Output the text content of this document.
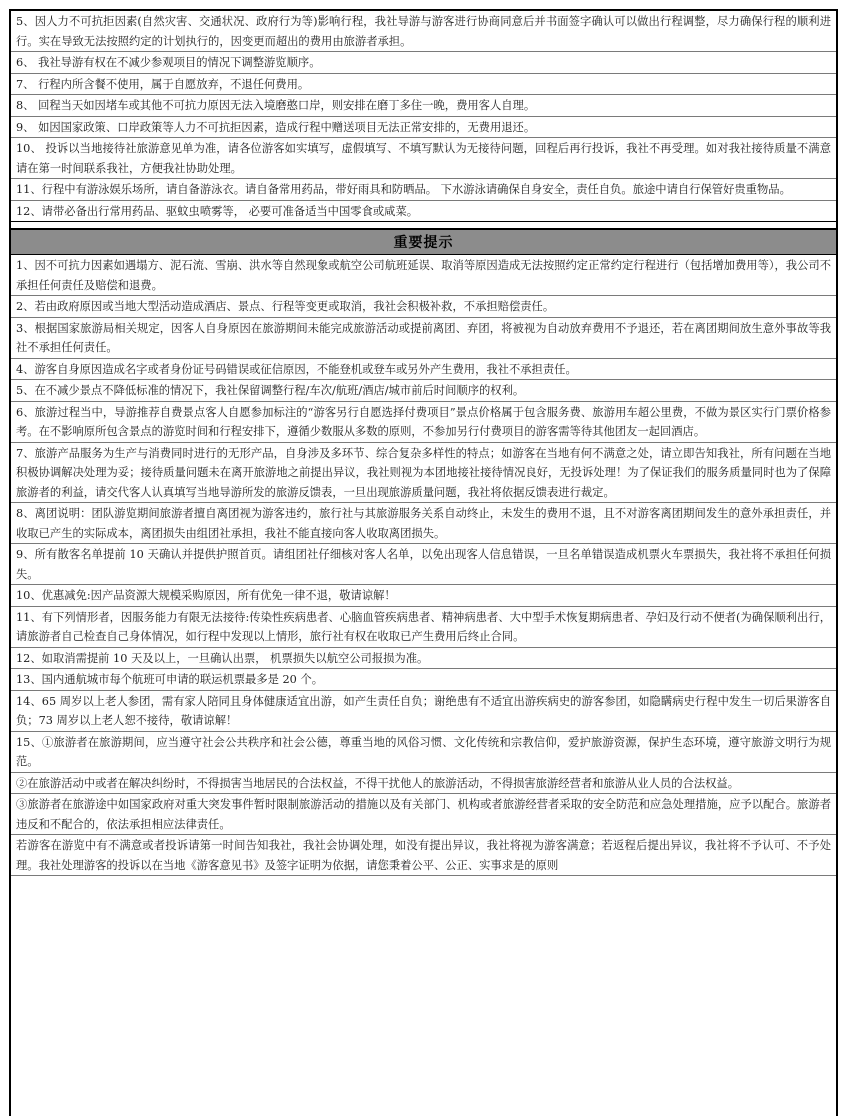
5、因人力不可抗拒因素(自然灾害、交通状况、政府行为等)影响行程，我社导游与游客进行协商同意后并书面签字确认可以做出行程调整，尽力确保行程的顺利进行。实在导致无法按照约定的计划执行的，因变更而超出的费用由旅游者承担。
6、 我社导游有权在不减少参观项目的情况下调整游览顺序。
7、 行程内所含餐不使用，属于自愿放弃，不退任何费用。
8、 回程当天如因堵车或其他不可抗力原因无法入境磨憨口岸，则安排在磨丁多住一晚，费用客人自理。
9、 如因国家政策、口岸政策等人力不可抗拒因素，造成行程中赠送项目无法正常安排的，无费用退还。
10、 投诉以当地接待社旅游意见单为准，请各位游客如实填写，虚假填写、不填写默认为无接待问题，回程后再行投诉，我社不再受理。如对我社接待质量不满意请在第一时间联系我社，方便我社协助处理。
11、行程中有游泳娱乐场所，请自备游泳衣。请自备常用药品，带好雨具和防晒品。 下水游泳请确保自身安全，责任自负。旅途中请自行保管好贵重物品。
12、请带必备出行常用药品、驱蚊虫喷雾等， 必要可准备适当中国零食或咸菜。
重要提示
1、因不可抗力因素如遇塌方、泥石流、雪崩、洪水等自然现象或航空公司航班延误、取消等原因造成无法按照约定正常约定行程进行（包括增加费用等），我公司不承担任何责任及赔偿和退费。
2、若由政府原因或当地大型活动造成酒店、景点、行程等变更或取消，我社会积极补救，不承担赔偿责任。
3、根据国家旅游局相关规定，因客人自身原因在旅游期间未能完成旅游活动或提前离团、弃团，将被视为自动放弃费用不予退还，若在离团期间放生意外事故等我社不承担任何责任。
4、游客自身原因造成名字或者身份证号码错误或征信原因，不能登机或登车或另外产生费用，我社不承担责任。
5、在不减少景点不降低标准的情况下，我社保留调整行程/车次/航班/酒店/城市前后时间顺序的权利。
6、旅游过程当中，导游推荐自费景点客人自愿参加标注的“游客另行自愿选择付费项目”景点价格属于包含服务费、旅游用车超公里费，不做为景区实行门票价格参考。在不影响原所包含景点的游览时间和行程安排下，遵循少数服从多数的原则，不参加另行付费项目的游客需等待其他团友一起回酒店。
7、旅游产品服务为生产与消费同时进行的无形产品，自身涉及多环节、综合复杂多样性的特点；如游客在当地有何不满意之处，请立即告知我社，所有问题在当地积极协调解决处理为妥；接待质量问题未在离开旅游地之前提出异议，我社则视为本团地接社接待情况良好，无投诉处理！为了保证我们的服务质量同时也为了保障旅游者的利益，请交代客人认真填写当地导游所发的旅游反馈表，一旦出现旅游质量问题，我社将依据反馈表进行裁定。
8、离团说明：团队游览期间旅游者擅自离团视为游客违约，旅行社与其旅游服务关系自动终止，未发生的费用不退，且不对游客离团期间发生的意外承担责任，并收取已产生的实际成本，离团损失由组团社承担，我社不能直接向客人收取离团损失。
9、所有散客名单提前 10 天确认并提供护照首页。请组团社仔细核对客人名单，以免出现客人信息错误，一旦名单错误造成机票火车票损失，我社将不承担任何损失。
10、优惠减免:因产品资源大规模采购原因，所有优免一律不退，敬请谅解！
11、有下列情形者，因服务能力有限无法接待:传染性疾病患者、心脑血管疾病患者、精神病患者、大中型手术恢复期病患者、孕妇及行动不便者(为确保顺利出行，请旅游者自己检查自己身体情况，如行程中发现以上情形，旅行社有权在收取已产生费用后终止合同。
12、如取消需提前 10 天及以上，一旦确认出票， 机票损失以航空公司报损为准。
13、国内通航城市每个航班可申请的联运机票最多是 20 个。
14、65 周岁以上老人参团，需有家人陪同且身体健康适宜出游，如产生责任自负；谢绝患有不适宜出游疾病史的游客参团，如隐瞒病史行程中发生一切后果游客自负；73 周岁以上老人恕不接待，敬请谅解！
15、①旅游者在旅游期间，应当遵守社会公共秩序和社会公德，尊重当地的风俗习惯、文化传统和宗教信仰，爱护旅游资源，保护生态环境，遵守旅游文明行为规范。
②在旅游活动中或者在解决纠纷时，不得损害当地居民的合法权益，不得干扰他人的旅游活动，不得损害旅游经营者和旅游从业人员的合法权益。
③旅游者在旅游途中如国家政府对重大突发事件暂时限制旅游活动的措施以及有关部门、机构或者旅游经营者采取的安全防范和应急处理措施，应予以配合。旅游者违反和不配合的，依法承担相应法律责任。
若游客在游览中有不满意或者投诉请第一时间告知我社，我社会协调处理，如没有提出异议，我社将视为游客满意；若返程后提出异议，我社将不予认可、不予处理。我社处理游客的投诉以在当地《游客意见书》及签字证明为依据，请您秉着公平、公正、实事求是的原则
